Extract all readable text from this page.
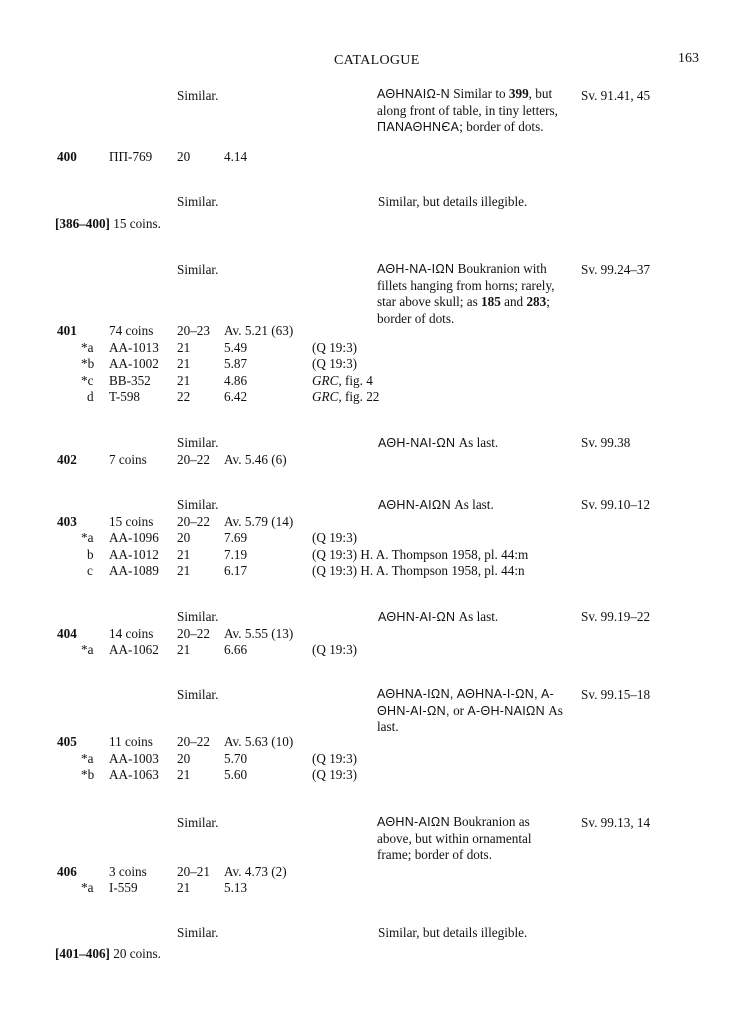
CATALOGUE	163
Similar.	ΑΘΗΝΑΙΩ-Ν Similar to 399, but along front of table, in tiny letters, ΠΑΝΑΘΗΝЄΑ; border of dots.
Sv. 91.41, 45
400 ΠΠ-769 20	4.14
Similar.	Similar, but details illegible.
[386–400] 15 coins.
Similar.	ΑΘΗ-ΝΑ-ΙΩΝ Boukranion with fillets hanging from horns; rarely, star above skull; as 185 and 283; border of dots.
Sv. 99.24–37
401 74 coins 20–23 Av. 5.21 (63)
*a AA-1013 21	5.49	(Q 19:3)
*b AA-1002 21	5.87	(Q 19:3)
*c BB-352 21	4.86	GRC, fig. 4
d T-598	22	6.42	GRC, fig. 22
Similar.	ΑΘΗ-ΝΑΙ-ΩΝ As last.	Sv. 99.38
402 7 coins 20–22 Av. 5.46 (6)
Similar.	ΑΘΗΝ-ΑΙΩΝ As last.	Sv. 99.10–12
403 15 coins 20–22 Av. 5.79 (14)
*a AA-1096 20	7.69	(Q 19:3)
b AA-1012 21	7.19	(Q 19:3) H. A. Thompson 1958, pl. 44:m
c AA-1089 21	6.17	(Q 19:3) H. A. Thompson 1958, pl. 44:n
Similar.	ΑΘΗΝ-ΑΙ-ΩΝ As last.	Sv. 99.19–22
404 14 coins 20–22 Av. 5.55 (13)
*a AA-1062 21	6.66	(Q 19:3)
Similar.	ΑΘΗΝΑ-ΙΩΝ, ΑΘΗΝΑ-Ι-ΩΝ, Α-ΘΗΝ-ΑΙ-ΩΝ, or Α-ΘΗ-ΝΑΙΩΝ As last.
Sv. 99.15–18
405 11 coins 20–22 Av. 5.63 (10)
*a AA-1003 20	5.70	(Q 19:3)
*b AA-1063 21	5.60	(Q 19:3)
Similar.	ΑΘΗΝ-ΑΙΩΝ Boukranion as above, but within ornamental frame; border of dots.
Sv. 99.13, 14
406 3 coins 20–21 Av. 4.73 (2)
*a I-559	21	5.13
Similar.	Similar, but details illegible.
[401–406] 20 coins.
